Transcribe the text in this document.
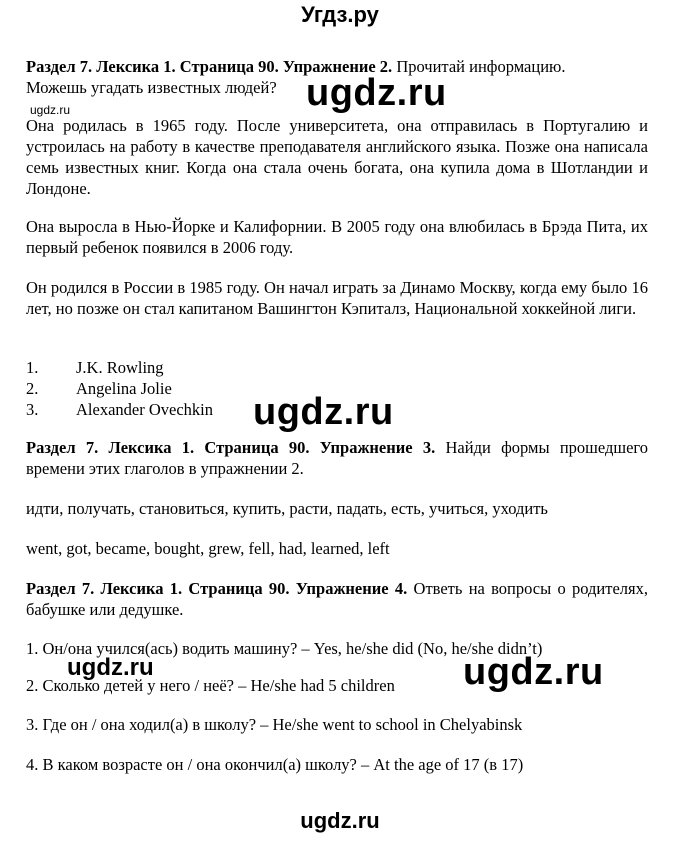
Угдз.ру
Раздел 7. Лексика 1. Страница 90. Упражнение 2. Прочитай информацию.
Можешь угадать известных людей? ugdz.ru
ugdz.ru
Она родилась в 1965 году. После университета, она отправилась в Португалию и устроилась на работу в качестве преподавателя английского языка. Позже она написала семь известных книг. Когда она стала очень богата, она купила дома в Шотландии и Лондоне.
Она выросла в Нью-Йорке и Калифорнии. В 2005 году она влюбилась в Брэда Пита, их первый ребенок появился в 2006 году.
Он родился в России в 1985 году. Он начал играть за Динамо Москву, когда ему было 16 лет, но позже он стал капитаном Вашингтон Кэпиталз, Национальной хоккейной лиги.
1. J.K. Rowling
2. Angelina Jolie
3. Alexander Ovechkin ugdz.ru
Раздел 7. Лексика 1. Страница 90. Упражнение 3. Найди формы прошедшего времени этих глаголов в упражнении 2.
идти, получать, становиться, купить, расти, падать, есть, учиться, уходить
went, got, became, bought, grew, fell, had, learned, left
Раздел 7. Лексика 1. Страница 90. Упражнение 4. Ответь на вопросы о родителях, бабушке или дедушке.
1. Он/она учился(ась) водить машину? – Yes, he/she did (No, he/she didn’t)
ugdz.ru	ugdz.ru
2. Сколько детей у него / неё? – He/she had 5 children
3. Где он / она ходил(а) в школу? – He/she went to school in Chelyabinsk
4. В каком возрасте он / она окончил(а) школу? – At the age of 17 (в 17)
ugdz.ru
